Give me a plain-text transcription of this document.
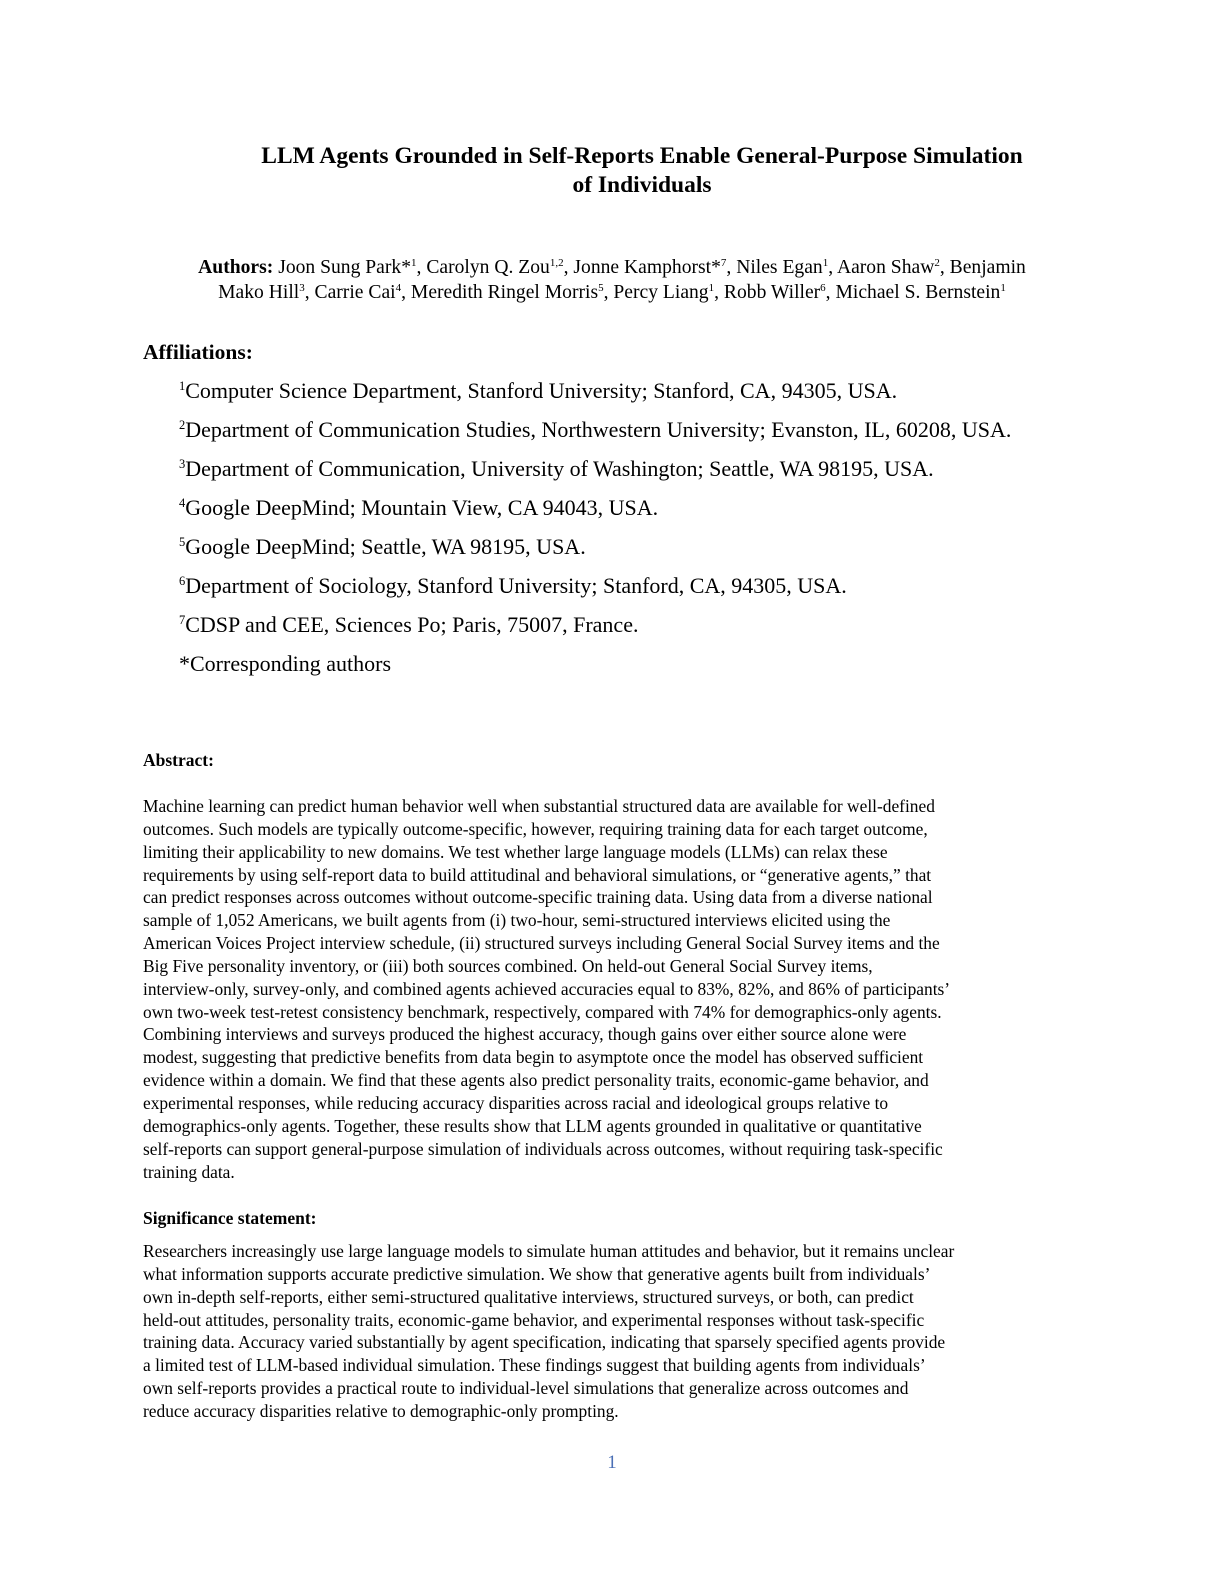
LLM Agents Grounded in Self-Reports Enable General-Purpose Simulation
of Individuals
Authors: Joon Sung Park*$^1$, Carolyn Q. Zou$^{1,2}$, Jonne Kamphorst*$^7$, Niles Egan$^1$, Aaron Shaw$^2$, Benjamin
Mako Hill$^3$, Carrie Cai$^4$, Meredith Ringel Morris$^5$, Percy Liang$^1$, Robb Willer$^6$, Michael S. Bernstein$^1$
Affiliations:
$^1$Computer Science Department, Stanford University; Stanford, CA, 94305, USA.
$^2$Department of Communication Studies, Northwestern University; Evanston, IL, 60208, USA.
$^3$Department of Communication, University of Washington; Seattle, WA 98195, USA.
$^4$Google DeepMind; Mountain View, CA 94043, USA.
$^5$Google DeepMind; Seattle, WA 98195, USA.
$^6$Department of Sociology, Stanford University; Stanford, CA, 94305, USA.
$^7$CDSP and CEE, Sciences Po; Paris, 75007, France.
*Corresponding authors
Abstract:

Machine learning can predict human behavior well when substantial structured data are available for well-defined
outcomes. Such models are typically outcome-specific, however, requiring training data for each target outcome,
limiting their applicability to new domains. We test whether large language models (LLMs) can relax these
requirements by using self-report data to build attitudinal and behavioral simulations, or “generative agents,” that
can predict responses across outcomes without outcome-specific training data. Using data from a diverse national
sample of 1,052 Americans, we built agents from (i) two-hour, semi-structured interviews elicited using the
American Voices Project interview schedule, (ii) structured surveys including General Social Survey items and the
Big Five personality inventory, or (iii) both sources combined. On held-out General Social Survey items,
interview-only, survey-only, and combined agents achieved accuracies equal to 83%, 82%, and 86% of participants’
own two-week test-retest consistency benchmark, respectively, compared with 74% for demographics-only agents.
Combining interviews and surveys produced the highest accuracy, though gains over either source alone were
modest, suggesting that predictive benefits from data begin to asymptote once the model has observed sufficient
evidence within a domain. We find that these agents also predict personality traits, economic-game behavior, and
experimental responses, while reducing accuracy disparities across racial and ideological groups relative to
demographics-only agents. Together, these results show that LLM agents grounded in qualitative or quantitative
self-reports can support general-purpose simulation of individuals across outcomes, without requiring task-specific
training data.

Significance statement:

Researchers increasingly use large language models to simulate human attitudes and behavior, but it remains unclear
what information supports accurate predictive simulation. We show that generative agents built from individuals’
own in-depth self-reports, either semi-structured qualitative interviews, structured surveys, or both, can predict
held-out attitudes, personality traits, economic-game behavior, and experimental responses without task-specific
training data. Accuracy varied substantially by agent specification, indicating that sparsely specified agents provide
a limited test of LLM-based individual simulation. These findings suggest that building agents from individuals’
own self-reports provides a practical route to individual-level simulations that generalize across outcomes and
reduce accuracy disparities relative to demographic-only prompting.

1
